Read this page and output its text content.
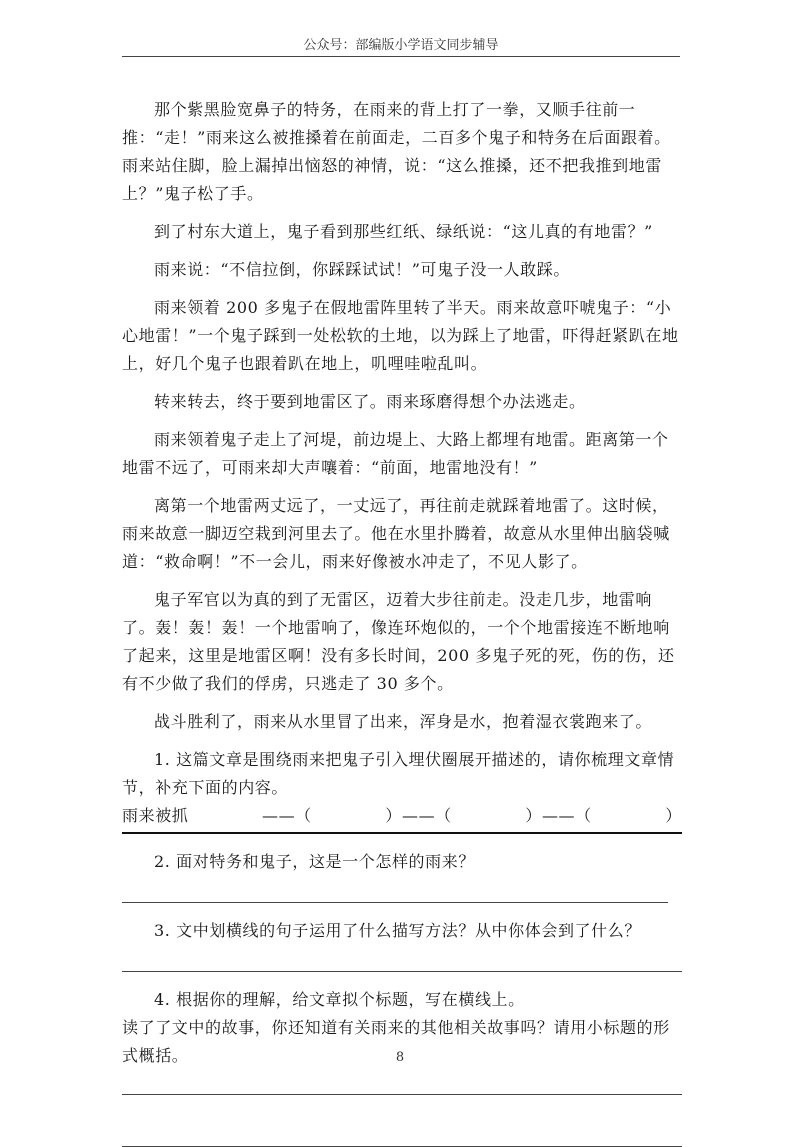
公众号：部编版小学语文同步辅导

那个紫黑脸宽鼻子的特务，在雨来的背上打了一拳，又顺手往前一推：“走！”雨来这么被推搡着在前面走，二百多个鬼子和特务在后面跟着。雨来站住脚，脸上漏掉出恼怒的神情，说：“这么推搡，还不把我推到地雷上？”鬼子松了手。

到了村东大道上，鬼子看到那些红纸、绿纸说：“这儿真的有地雷？”

雨来说：“不信拉倒，你踩踩试试！”可鬼子没一人敢踩。

雨来领着 200 多鬼子在假地雷阵里转了半天。雨来故意吓唬鬼子：“小心地雷！”一个鬼子踩到一处松软的土地，以为踩上了地雷，吓得赶紧趴在地上，好几个鬼子也跟着趴在地上，叽哩哇啦乱叫。

转来转去，终于要到地雷区了。雨来琢磨得想个办法逃走。

雨来领着鬼子走上了河堤，前边堤上、大路上都埋有地雷。距离第一个地雷不远了，可雨来却大声嚷着：“前面，地雷地没有！”

离第一个地雷两丈远了，一丈远了，再往前走就踩着地雷了。这时候，雨来故意一脚迈空栽到河里去了。他在水里扑腾着，故意从水里伸出脑袋喊道：“救命啊！”不一会儿，雨来好像被水冲走了，不见人影了。

鬼子军官以为真的到了无雷区，迈着大步往前走。没走几步，地雷响了。轰！轰！轰！一个地雷响了，像连环炮似的，一个个地雷接连不断地响了起来，这里是地雷区啊！没有多长时间，200 多鬼子死的死，伤的伤，还有不少做了我们的俘虏，只逃走了 30 多个。

战斗胜利了，雨来从水里冒了出来，浑身是水，抱着湿衣裳跑来了。

1. 这篇文章是围绕雨来把鬼子引入埋伏圈展开描述的，请你梳理文章情节，补充下面的内容。

雨来被抓	——（	）——（	）——（	）

2. 面对特务和鬼子，这是一个怎样的雨来？

3. 文中划横线的句子运用了什么描写方法？从中你体会到了什么？

4. 根据你的理解，给文章拟个标题，写在横线上。

读了了文中的故事，你还知道有关雨来的其他相关故事吗？请用小标题的形式概括。	8
